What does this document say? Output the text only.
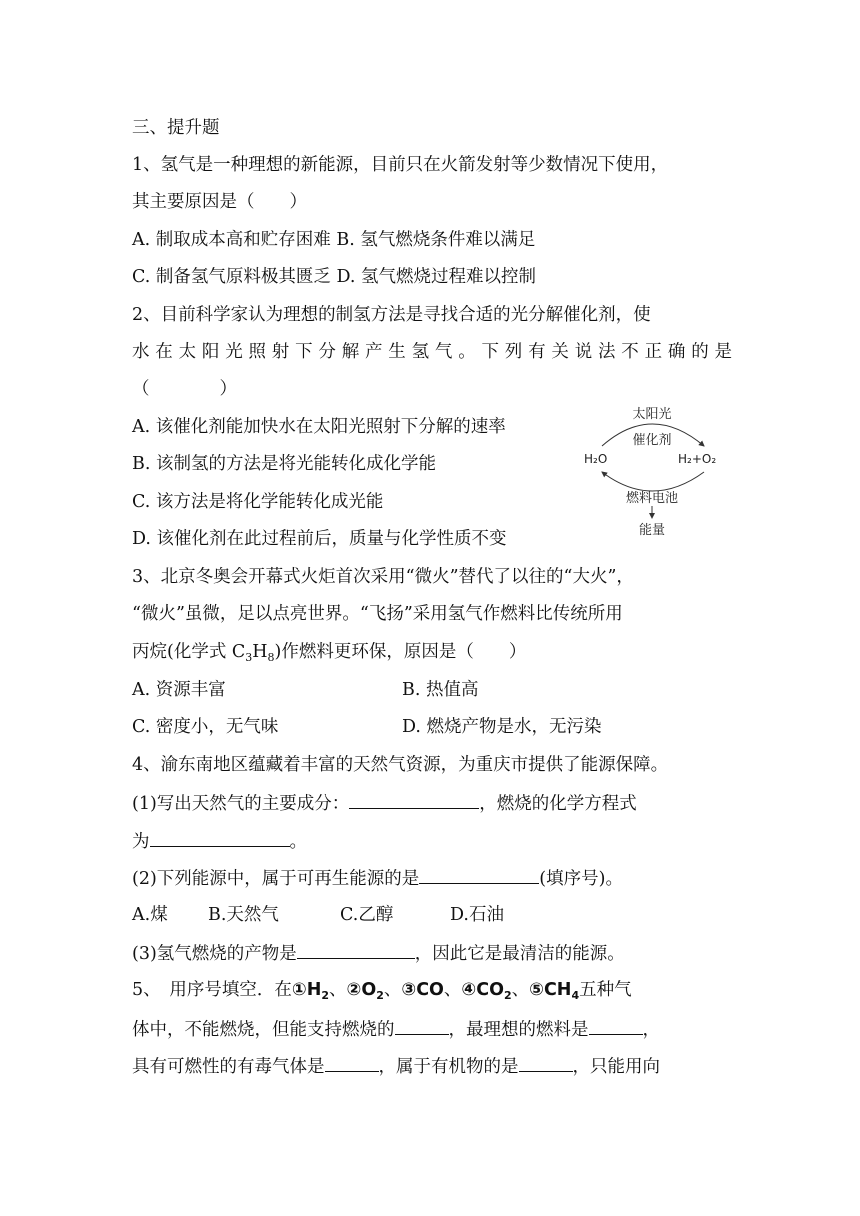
三、提升题
1、氢气是一种理想的新能源，目前只在火箭发射等少数情况下使用，
其主要原因是（　　）
A. 制取成本高和贮存困难 B. 氢气燃烧条件难以满足
C. 制备氢气原料极其匮乏 D. 氢气燃烧过程难以控制
2、目前科学家认为理想的制氢方法是寻找合适的光分解催化剂，使
水在太阳光照射下分解产生氢气。下列有关说法不正确的是
（　　　　）
A. 该催化剂能加快水在太阳光照射下分解的速率
B. 该制氢的方法是将光能转化成化学能
C. 该方法是将化学能转化成光能
D. 该催化剂在此过程前后，质量与化学性质不变
太阳光
催化剂
H₂O	H₂+O₂
燃料电池
能量
3、北京冬奥会开幕式火炬首次采用“微火”替代了以往的“大火”，
“微火”虽微，足以点亮世界。“飞扬”采用氢气作燃料比传统所用
丙烷(化学式 $C_3H_8$)作燃料更环保，原因是（　　）
A. 资源丰富	B. 热值高
C. 密度小，无气味	D. 燃烧产物是水，无污染
4、渝东南地区蕴藏着丰富的天然气资源，为重庆市提供了能源保障。
(1)写出天然气的主要成分：	，燃烧的化学方程式
为	。
(2)下列能源中，属于可再生能源的是	(填序号)。
A.煤 B.天然气	C.乙醇	D.石油
(3)氢气燃烧的产物是	，因此它是最清洁的能源。
5、　用序号填空．在$①H_2$、$②O_2$、③CO、$④CO_2$、$⑤CH_4$五种气
体中，不能燃烧，但能支持燃烧的	，最理想的燃料是	，
具有可燃性的有毒气体是	，属于有机物的是	，只能用向
